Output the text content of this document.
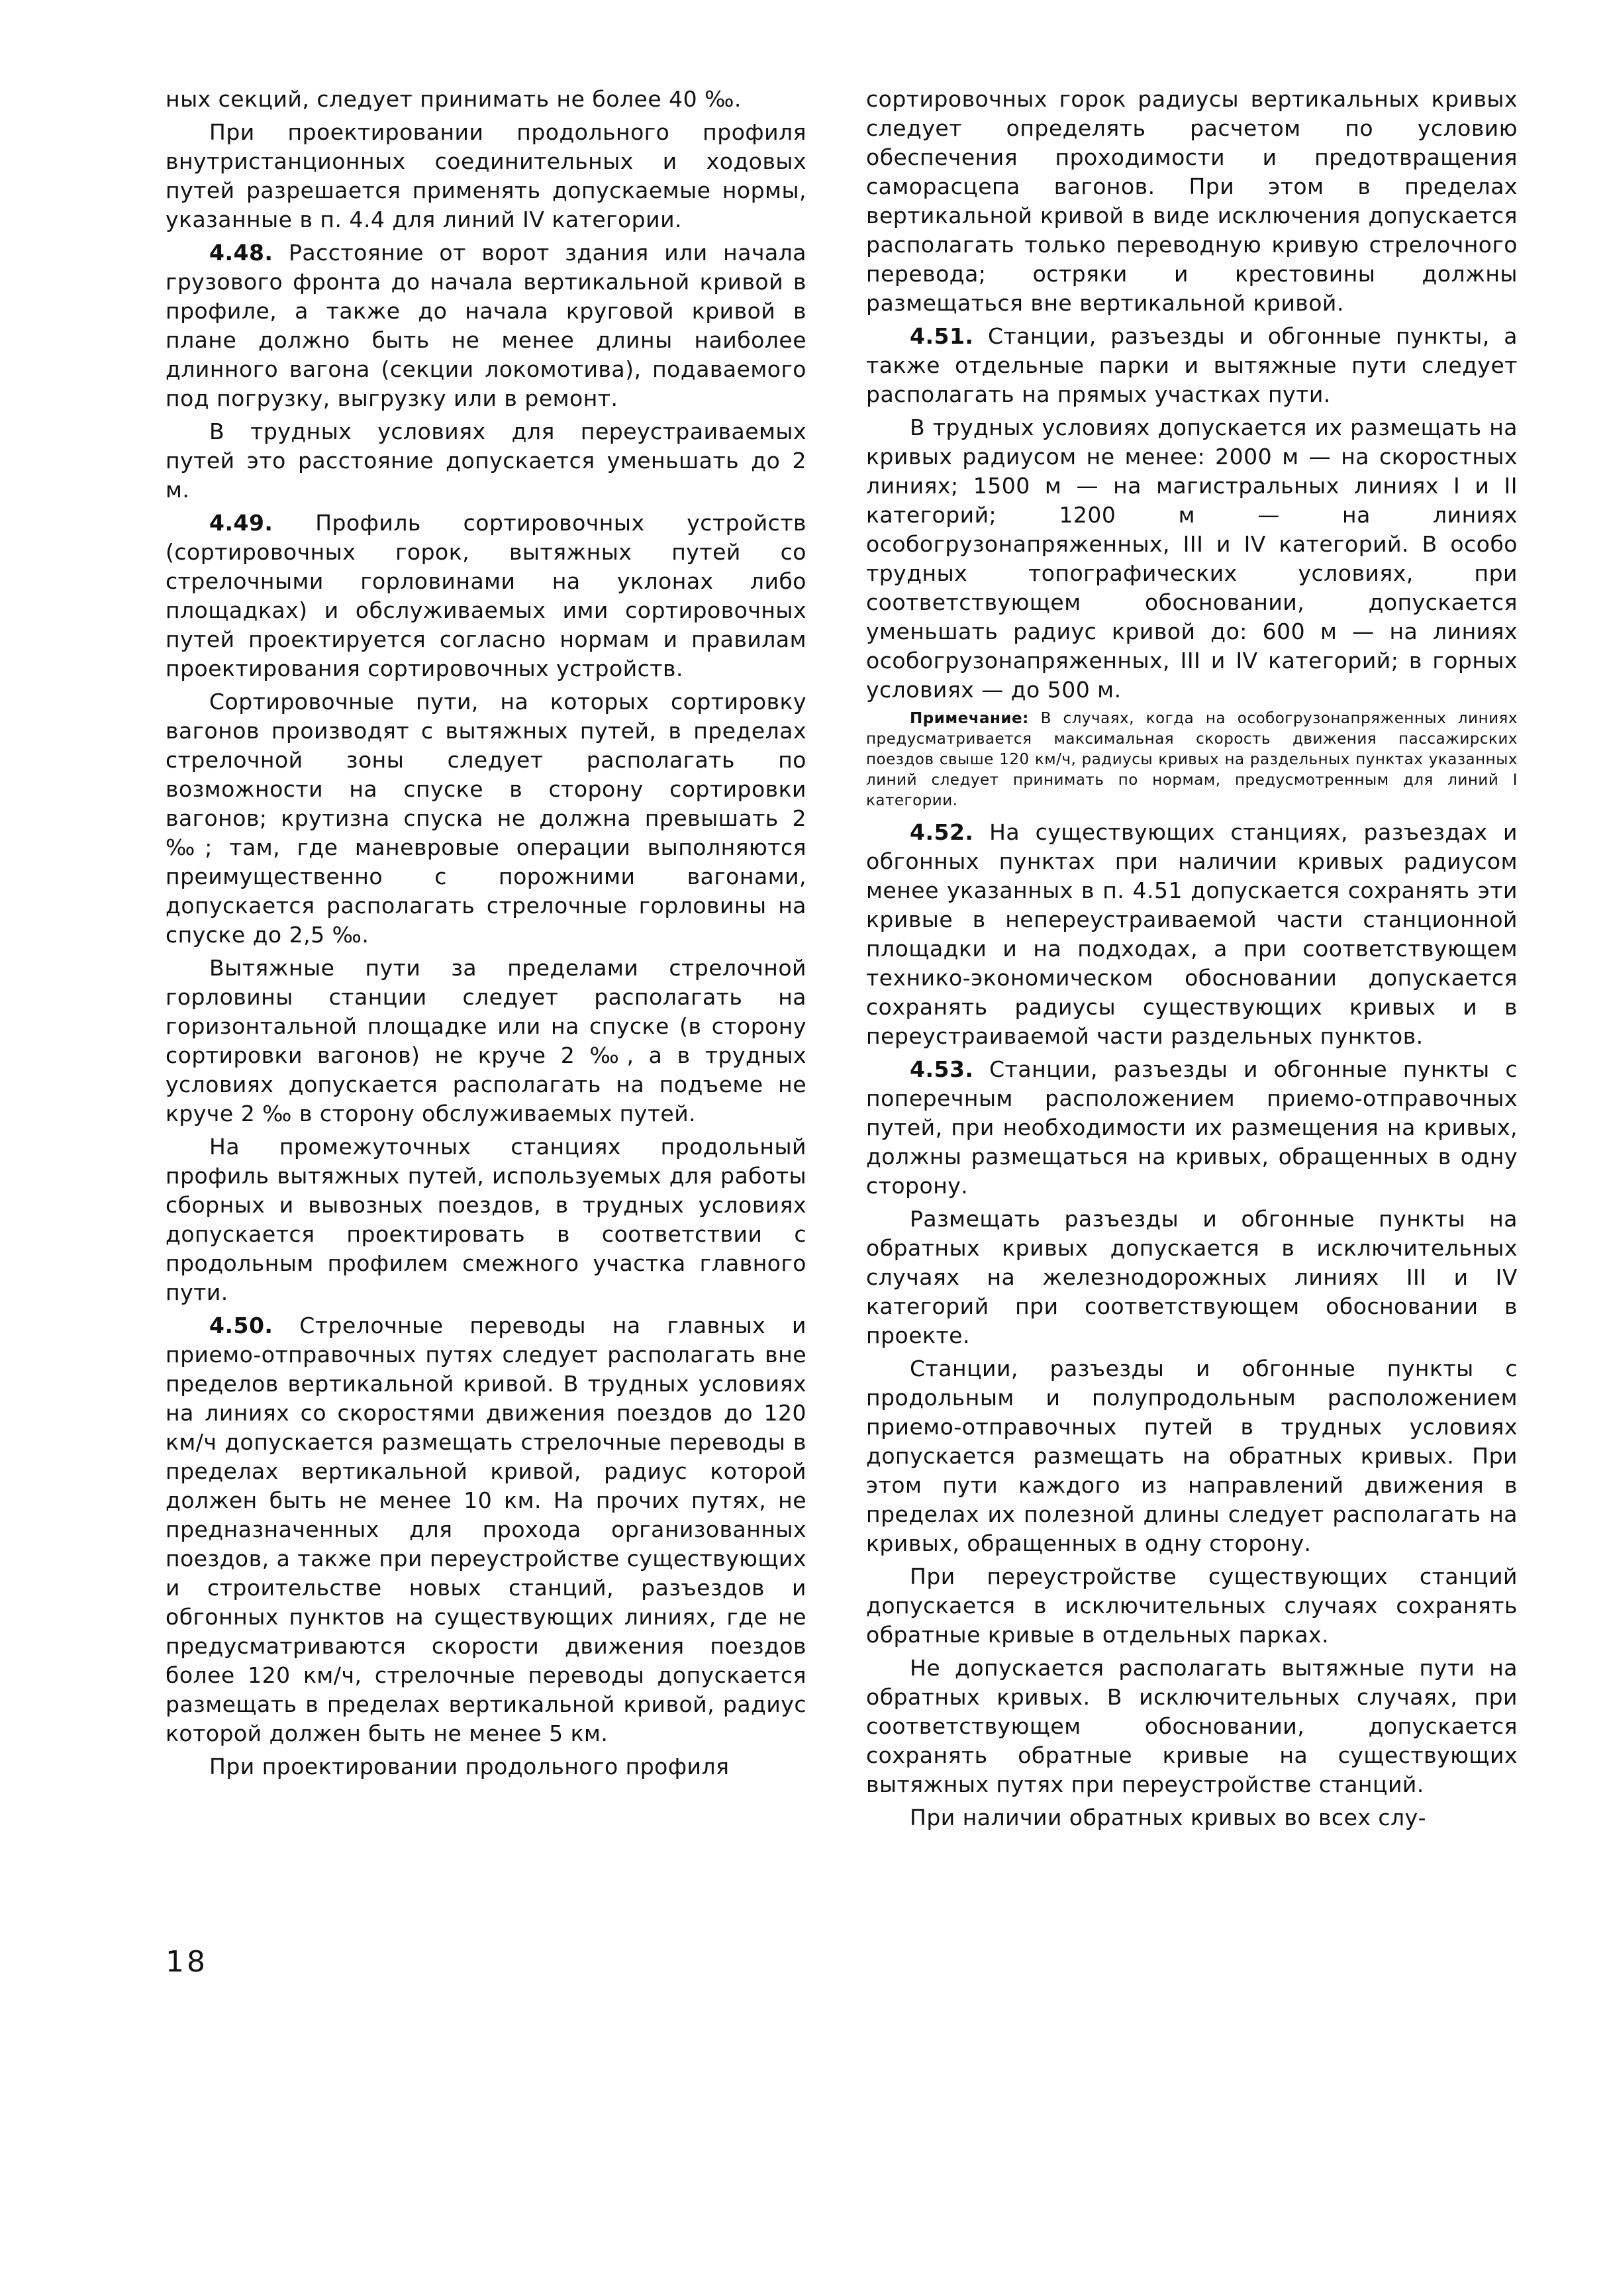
ных секций, следует принимать не более 40 ‰.

При проектировании продольного профиля внутристанционных соединительных и ходовых путей разрешается применять допускаемые нормы, указанные в п. 4.4 для линий IV категории.

4.48. Расстояние от ворот здания или начала грузового фронта до начала вертикальной кривой в профиле, а также до начала круговой кривой в плане должно быть не менее длины наиболее длинного вагона (секции локомотива), подаваемого под погрузку, выгрузку или в ремонт.

В трудных условиях для переустраиваемых путей это расстояние допускается уменьшать до 2 м.

4.49. Профиль сортировочных устройств (сортировочных горок, вытяжных путей со стрелочными горловинами на уклонах либо площадках) и обслуживаемых ими сортировочных путей проектируется согласно нормам и правилам проектирования сортировочных устройств.

Сортировочные пути, на которых сортировку вагонов производят с вытяжных путей, в пределах стрелочной зоны следует располагать по возможности на спуске в сторону сортировки вагонов; крутизна спуска не должна превышать 2 ‰; там, где маневровые операции выполняются преимущественно с порожними вагонами, допускается располагать стрелочные горловины на спуске до 2,5 ‰.

Вытяжные пути за пределами стрелочной горловины станции следует располагать на горизонтальной площадке или на спуске (в сторону сортировки вагонов) не круче 2 ‰, а в трудных условиях допускается располагать на подъеме не круче 2 ‰ в сторону обслуживаемых путей.

На промежуточных станциях продольный профиль вытяжных путей, используемых для работы сборных и вывозных поездов, в трудных условиях допускается проектировать в соответствии с продольным профилем смежного участка главного пути.

4.50. Стрелочные переводы на главных и приемо-отправочных путях следует располагать вне пределов вертикальной кривой. В трудных условиях на линиях со скоростями движения поездов до 120 км/ч допускается размещать стрелочные переводы в пределах вертикальной кривой, радиус которой должен быть не менее 10 км. На прочих путях, не предназначенных для прохода организованных поездов, а также при переустройстве существующих и строительстве новых станций, разъездов и обгонных пунктов на существующих линиях, где не предусматриваются скорости движения поездов более 120 км/ч, стрелочные переводы допускается размещать в пределах вертикальной кривой, радиус которой должен быть не менее 5 км.

При проектировании продольного профиля

сортировочных горок радиусы вертикальных кривых следует определять расчетом по условию обеспечения проходимости и предотвращения саморасцепа вагонов. При этом в пределах вертикальной кривой в виде исключения допускается располагать только переводную кривую стрелочного перевода; остряки и крестовины должны размещаться вне вертикальной кривой.

4.51. Станции, разъезды и обгонные пункты, а также отдельные парки и вытяжные пути следует располагать на прямых участках пути.

В трудных условиях допускается их размещать на кривых радиусом не менее: 2000 м — на скоростных линиях; 1500 м — на магистральных линиях I и II категорий; 1200 м — на линиях особогрузонапряженных, III и IV категорий. В особо трудных топографических условиях, при соответствующем обосновании, допускается уменьшать радиус кривой до: 600 м — на линиях особогрузонапряженных, III и IV категорий; в горных условиях — до 500 м.

Примечание: В случаях, когда на особогрузонапряженных линиях предусматривается максимальная скорость движения пассажирских поездов свыше 120 км/ч, радиусы кривых на раздельных пунктах указанных линий следует принимать по нормам, предусмотренным для линий I категории.

4.52. На существующих станциях, разъездах и обгонных пунктах при наличии кривых радиусом менее указанных в п. 4.51 допускается сохранять эти кривые в непереустраиваемой части станционной площадки и на подходах, а при соответствующем технико-экономическом обосновании допускается сохранять радиусы существующих кривых и в переустраиваемой части раздельных пунктов.

4.53. Станции, разъезды и обгонные пункты с поперечным расположением приемо-отправочных путей, при необходимости их размещения на кривых, должны размещаться на кривых, обращенных в одну сторону.

Размещать разъезды и обгонные пункты на обратных кривых допускается в исключительных случаях на железнодорожных линиях III и IV категорий при соответствующем обосновании в проекте.

Станции, разъезды и обгонные пункты с продольным и полупродольным расположением приемо-отправочных путей в трудных условиях допускается размещать на обратных кривых. При этом пути каждого из направлений движения в пределах их полезной длины следует располагать на кривых, обращенных в одну сторону.

При переустройстве существующих станций допускается в исключительных случаях сохранять обратные кривые в отдельных парках.

Не допускается располагать вытяжные пути на обратных кривых. В исключительных случаях, при соответствующем обосновании, допускается сохранять обратные кривые на существующих вытяжных путях при переустройстве станций.

При наличии обратных кривых во всех слу-

18
